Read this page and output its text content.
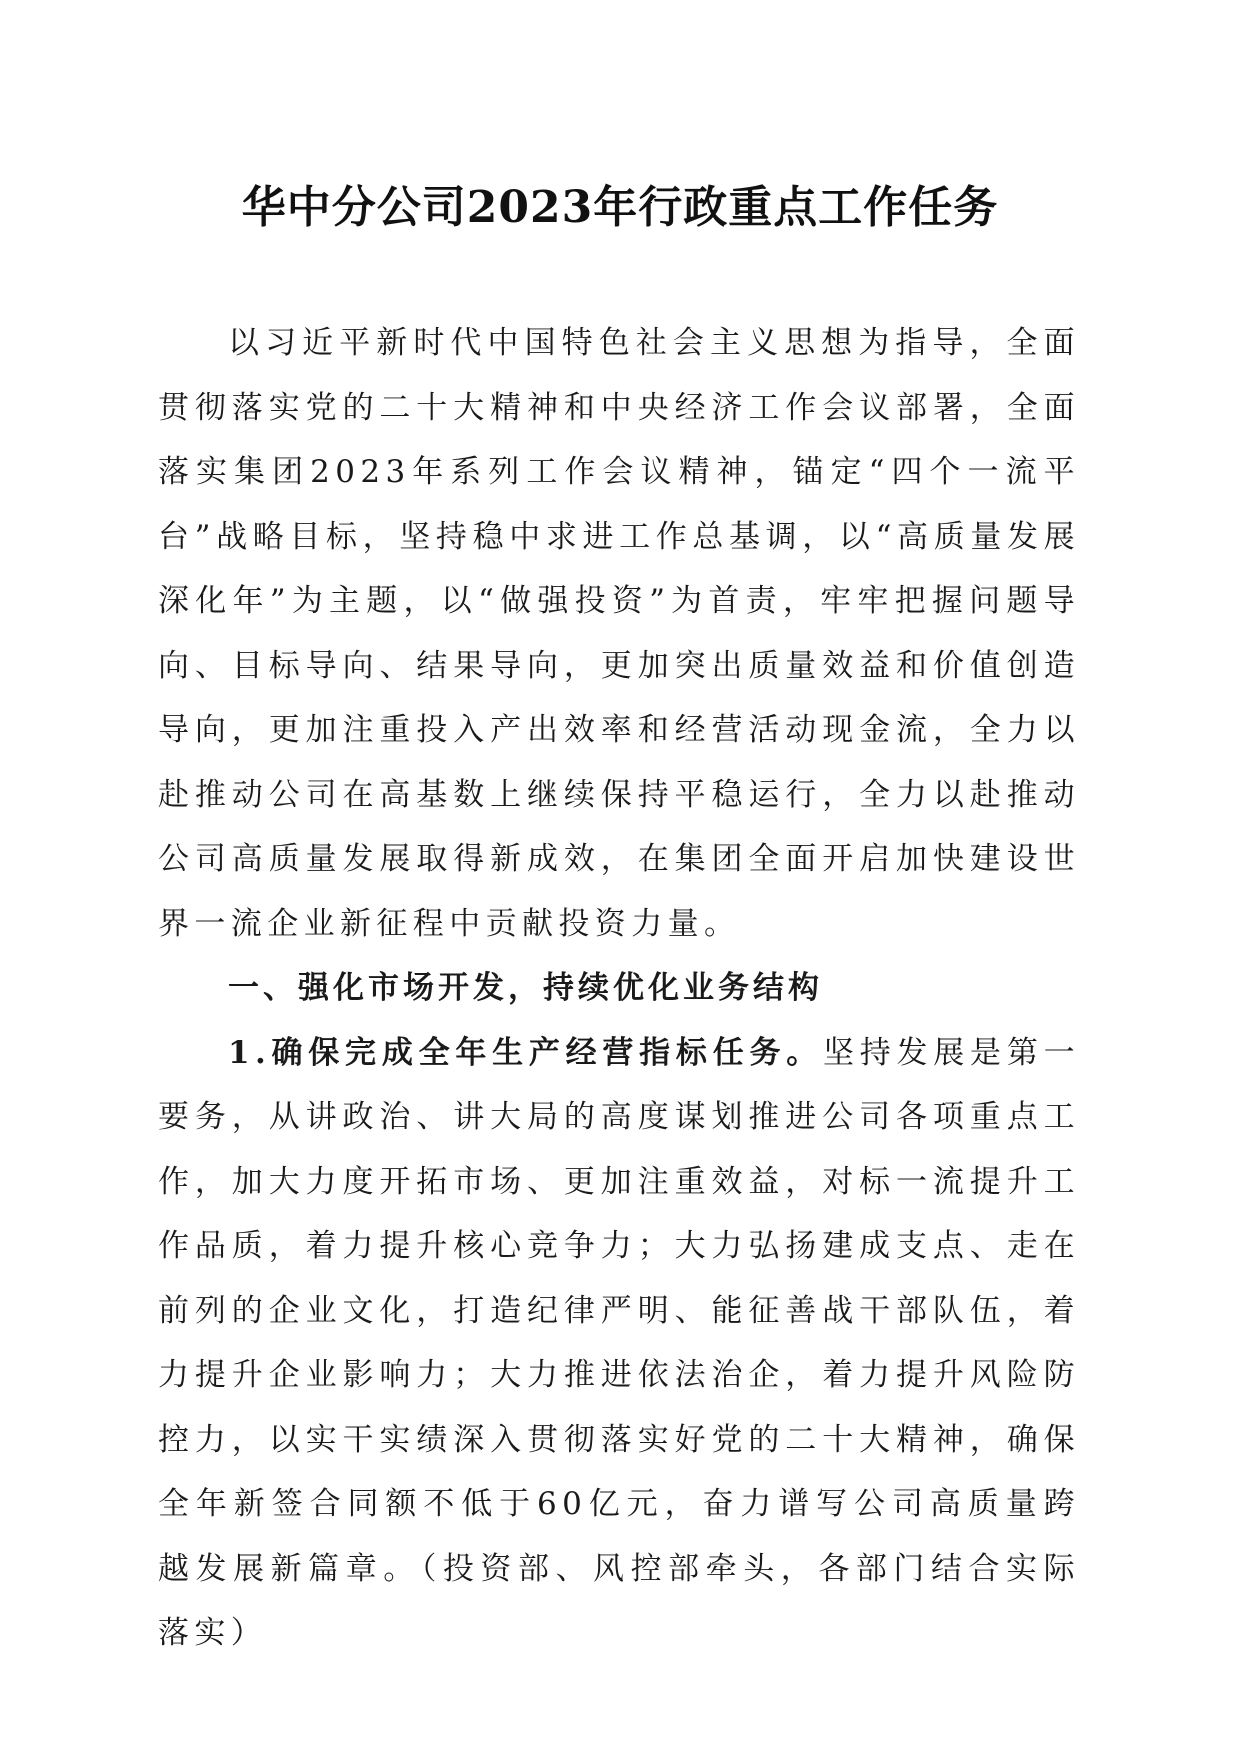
华中分公司2023年行政重点工作任务

以习近平新时代中国特色社会主义思想为指导，全面贯彻落实党的二十大精神和中央经济工作会议部署，全面落实集团2023年系列工作会议精神，锚定“四个一流平台”战略目标，坚持稳中求进工作总基调，以“高质量发展深化年”为主题，以“做强投资”为首责，牢牢把握问题导向、目标导向、结果导向，更加突出质量效益和价值创造导向，更加注重投入产出效率和经营活动现金流，全力以赴推动公司在高基数上继续保持平稳运行，全力以赴推动公司高质量发展取得新成效，在集团全面开启加快建设世界一流企业新征程中贡献投资力量。

一、强化市场开发，持续优化业务结构

1.确保完成全年生产经营指标任务。坚持发展是第一要务，从讲政治、讲大局的高度谋划推进公司各项重点工作，加大力度开拓市场、更加注重效益，对标一流提升工作品质，着力提升核心竞争力；大力弘扬建成支点、走在前列的企业文化，打造纪律严明、能征善战干部队伍，着力提升企业影响力；大力推进依法治企，着力提升风险防控力，以实干实绩深入贯彻落实好党的二十大精神，确保全年新签合同额不低于60亿元，奋力谱写公司高质量跨越发展新篇章。（投资部、风控部牵头，各部门结合实际落实）
